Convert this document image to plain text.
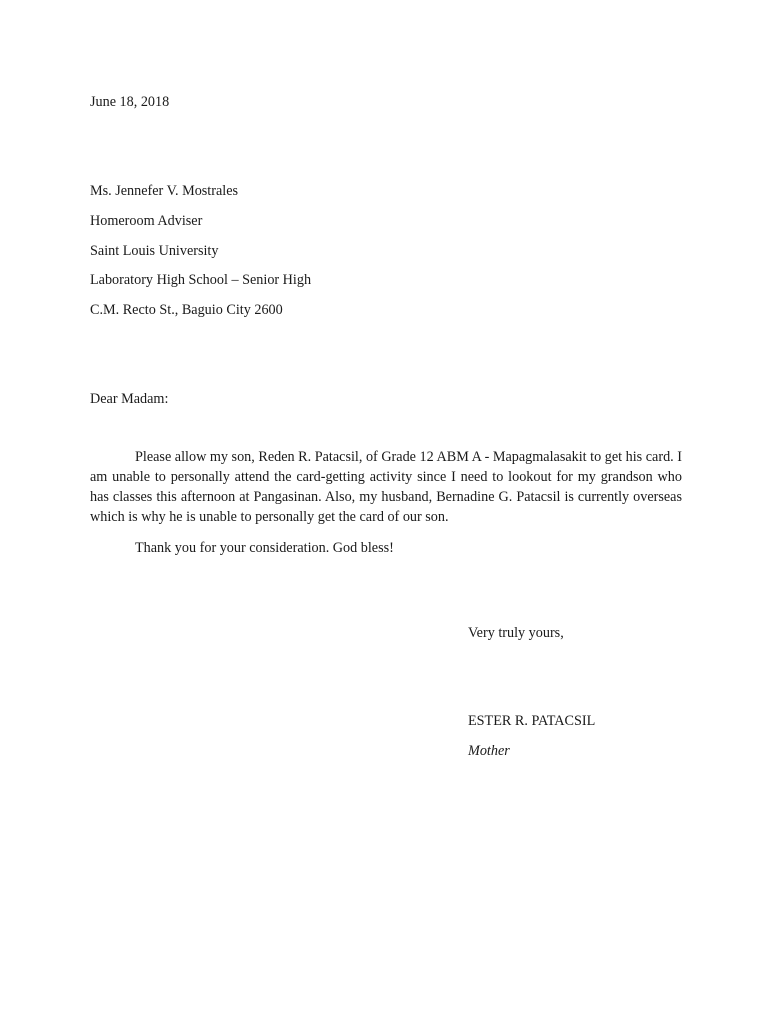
June 18, 2018
Ms. Jennefer V. Mostrales
Homeroom Adviser
Saint Louis University
Laboratory High School – Senior High
C.M. Recto St., Baguio City 2600
Dear Madam:

Please allow my son, Reden R. Patacsil, of Grade 12 ABM A - Mapagmalasakit to get his card. I am unable to personally attend the card-getting activity since I need to lookout for my grandson who has classes this afternoon at Pangasinan. Also, my husband, Bernadine G. Patacsil is currently overseas which is why he is unable to personally get the card of our son.

Thank you for your consideration. God bless!

Very truly yours,
ESTER R. PATACSIL
Mother
